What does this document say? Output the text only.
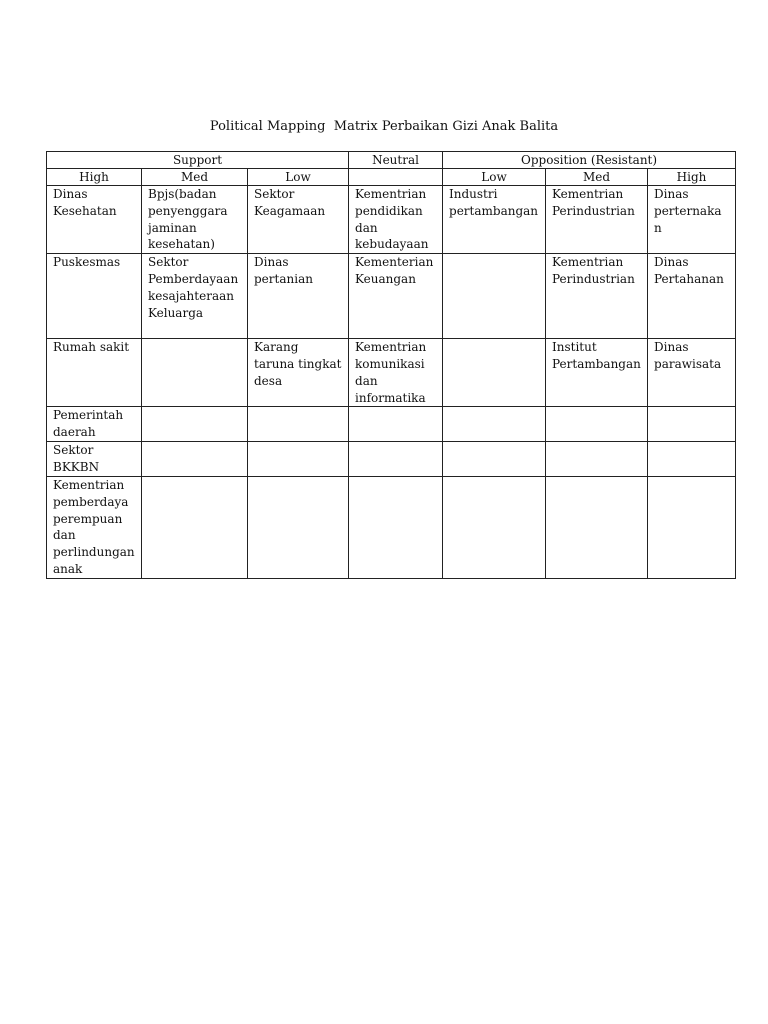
Political Mapping  Matrix Perbaikan Gizi Anak Balita
Support			Neutral	Opposition (Resistant)		
High	Med	Low		Low	Med	High
Dinas Kesehatan	Bpjs(badan penyenggara jaminan kesehatan)	Sektor Keagamaan	Kementrian pendidikan dan kebudayaan	Industri pertambangan	Kementrian Perindustrian	Dinas perternakan
Puskesmas	Sektor Pemberdayaan kesajahteraan Keluarga	Dinas pertanian	Kementerian Keuangan		Kementrian Perindustrian	Dinas Pertahanan
Rumah sakit		Karang taruna tingkat desa	Kementrian komunikasi dan informatika		Institut Pertambangan	Dinas parawisata
Pemerintah daerah						
Sektor BKKBN						
Kementrian pemberdaya perempuan dan perlindungan anak						
